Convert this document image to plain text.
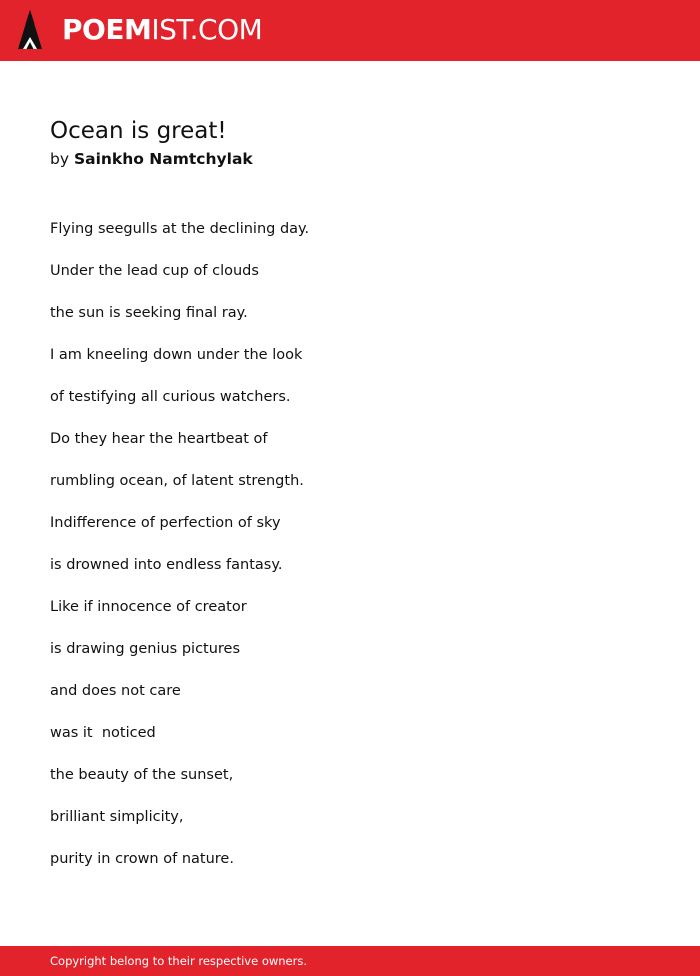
POEMIST.COM
Ocean is great!
by Sainkho Namtchylak
Flying seegulls at the declining day.
Under the lead cup of clouds
the sun is seeking final ray.
I am kneeling down under the look
of testifying all curious watchers.
Do they hear the heartbeat of
rumbling ocean, of latent strength.
Indifference of perfection of sky
is drowned into endless fantasy.
Like if innocence of creator
is drawing genius pictures
and does not care
was it  noticed
the beauty of the sunset,
brilliant simplicity,
purity in crown of nature.
Copyright belong to their respective owners.
